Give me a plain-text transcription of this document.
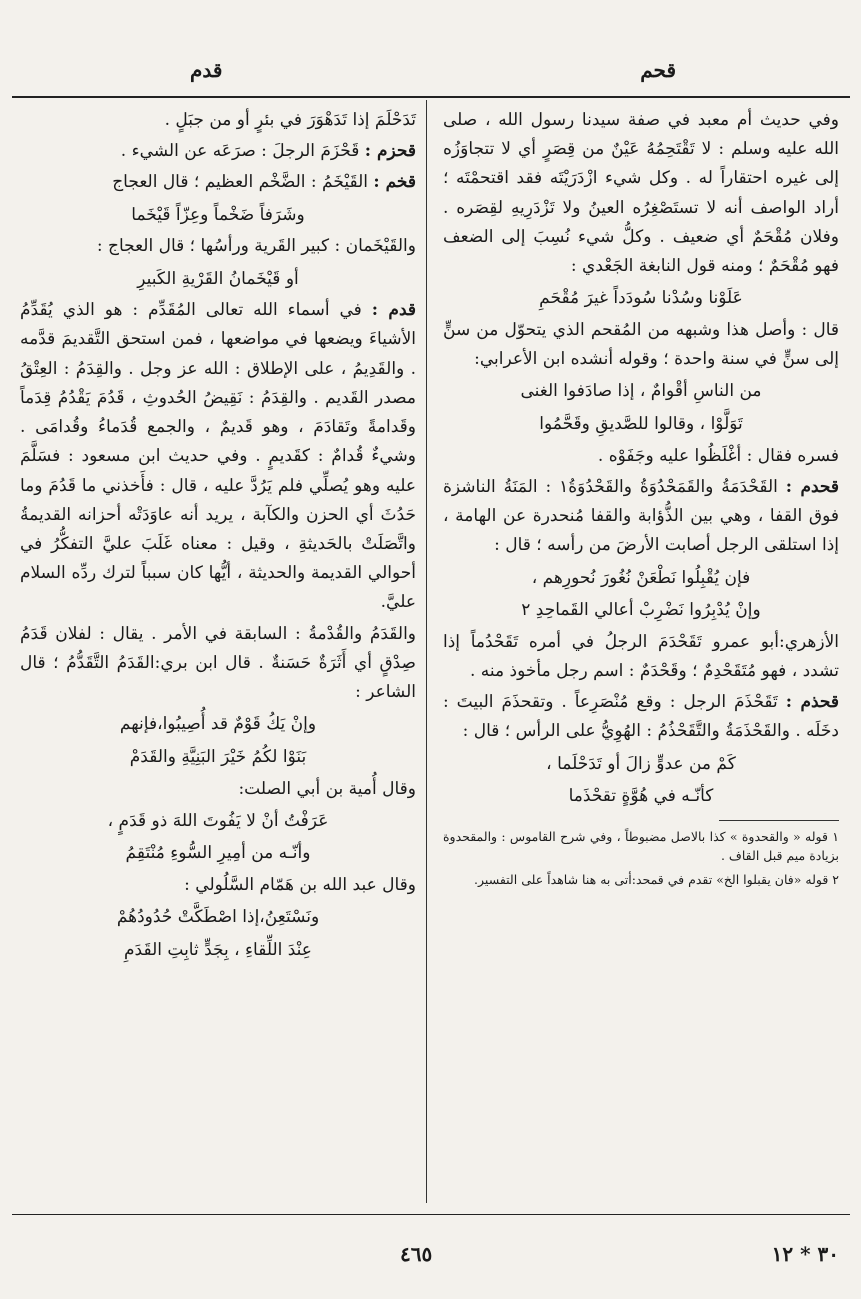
قحم
قدم
وفي حديث أم معبد في صفة سيدنا رسول الله ، صلى الله عليه وسلم : لا تَقْتَحِمُهُ عَيْنٌ من قِصَرٍ أي لا تتجاوَزُه إلى غيره احتقاراً له . وكل شيء ازْدَرَيْتَه فقد اقتحمْتَه ؛ أراد الواصف أنه لا تستَصْغِرُه العينُ ولا تَزْدَرِيهِ لقِصَره . وفلان مُقْحَمٌ أي ضعيف . وكلُّ شيء نُسِبَ إلى الضعف فهو مُقْحَمٌ ؛ ومنه قول النابغة الجَعْدي :
عَلَوْنا وسُدْنا سُودَداً غيرَ مُقْحَمِ
قال : وأصل هذا وشبهه من المُقحم الذي يتحوّل من سنٍّ إلى سنٍّ في سنة واحدة ؛ وقوله أنشده ابن الأعرابي:
من الناسِ أقْوامٌ ، إذا صادَفوا الغنى
تَوَلَّوْا ، وقالوا للصَّديقِ وقَحَّمُوا
فسره فقال : أغْلَظُوا عليه وجَفَوْه .
قحدم : القَحْدَمَةُ والقَمَحْدُوَةُ والقَحْدُوَةُ١ : المَنَةُ الناشزة فوق القفا ، وهي بين الذُّؤابة والقفا مُنحدرة عن الهامة ، إذا استلقى الرجل أصابت الأرضَ من رأسه ؛ قال :
فإن يُقْبِلُوا نَطْعَنْ نُغُورَ نُحورِهم ،
وإنْ يُدْبِرُوا نَضْرِبْ أعالي القَماحِدِ ٢
الأزهري:أبو عمرو تَقَحْدَمَ الرجلُ في أمره تَقَحْدُماً إذا تشدد ، فهو مُتَقَحْدِمٌ ؛ وقَحْدَمٌ : اسم رجل مأخوذ منه .
قحذم : تَقَحْذَمَ الرجل : وقع مُنْصَرِعاً . وتقحذَمَ البيتَ : دخَلَه . والقَحْذَمَةُ والتَّقَحْذُمُ : الهُوِيُّ على الرأس ؛ قال :
كَمْ من عدوٍّ زالَ أو تَدَحْلَما ،
كأنّـه في هُوَّةٍ تقحْذَما
١ قوله « والقحدوة » كذا بالاصل مضبوطاً ، وفي شرح القاموس : والمقحدوة بزيادة ميم قبل القاف .
٢ قوله «فان يقبلوا الخ» تقدم في قمحد:أتى به هنا شاهداً على التفسير.
تَدَحْلَمَ إذا تَدَهْوَرَ في بئرٍ أو من جبَلٍ .
قحزم : قَحْزَمَ الرجلَ : صرَعَه عن الشيء .
قخم : القَيْخَمُ : الضَّخْم العظيم ؛ قال العجاج
وشَرَفاً ضَخْماً وعِزّاً قَيْخَما
والقَيْخَمان : كبير القَرية ورأسُها ؛ قال العجاج :
أو قَيْخَمانُ القَرْيةِ الكَبيرِ
قدم : في أسماء الله تعالى المُقَدِّم : هو الذي يُقَدِّمُ الأشياءَ ويضعها في مواضعها ، فمن استحق التَّقديمَ قدَّمه . والقَدِيمُ ، على الإطلاق : الله عز وجل . والقِدَمُ : العِتْقُ مصدر القَديم . والقِدَمُ : نَقِيضُ الحُدوثِ ، قَدُمَ يَقْدُمُ قِدَماً وقَدامةً وتَقادَمَ ، وهو قَديمٌ ، والجمع قُدَماءُ وقُدامَى . وشيءٌ قُدامٌ : كقَديمٍ . وفي حديث ابن مسعود : فسَلَّمَ عليه وهو يُصلِّي فلم يَرُدَّ عليه ، قال : فأَخذني ما قَدُمَ وما حَدُثَ أي الحزن والكآبة ، يريد أنه عاوَدَتْه أحزانه القديمةُ واتَّصَلَتْ بالحَديثةِ ، وقيل : معناه غَلَبَ عليَّ التفكُّرُ في أحوالي القديمة والحديثة ، أيُّها كان سبباً لترك ردِّه السلام عليَّ.
والقَدَمُ والقُدْمةُ : السابقة في الأمر . يقال : لفلان قَدَمُ صِدْقٍ أي أَثَرَةٌ حَسَنةٌ . قال ابن بري:القَدَمُ التَّقَدُّمُ ؛ قال الشاعر :
وإنْ يَكُ قَوْمٌ قد أُصِيبُوا،فإنهم
بَنَوْا لكُمُ خَيْرَ البَنِيَّةِ والقَدَمْ
وقال أُمية بن أبي الصلت:
عَرَفْتُ أنْ لا يَفُوتَ اللهَ ذو قَدَمٍ ،
وأنّـه من أمِيرِ السُّوءِ مُنْتَقِمُ
وقال عبد الله بن هَمّام السَّلُولي :
ونَسْتَعِنُ،إذا اصْطَكَّتْ حُدُودُهُمْ
عِنْدَ اللِّقاءِ ، بِجَدٍّ ثابِتِ القَدَمِ
٤٦٥	٣٠ * ١٢
